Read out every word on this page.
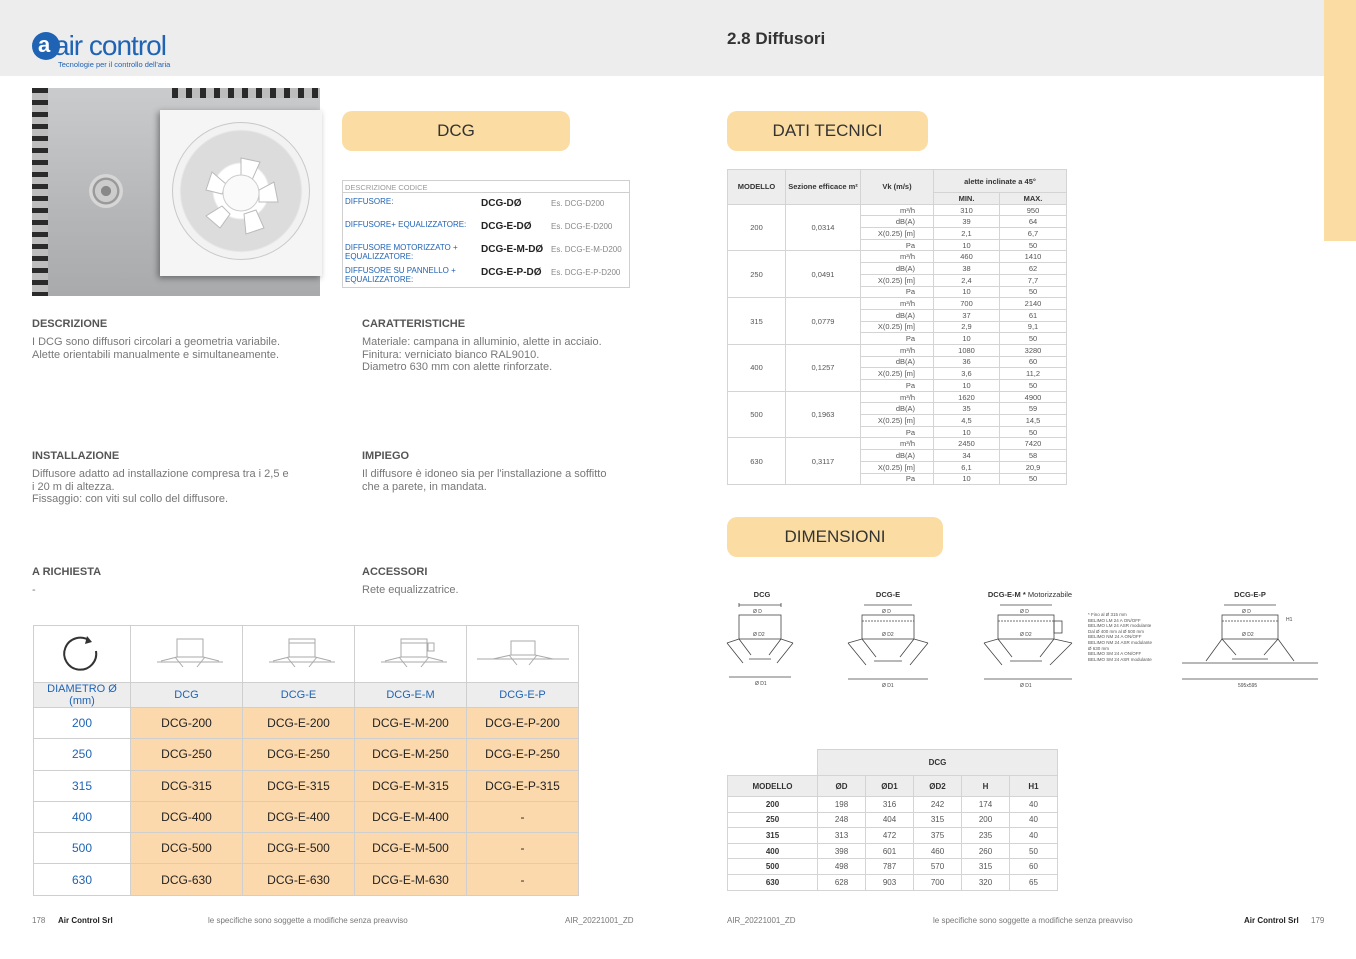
a air control
Tecnologie per il controllo dell'aria
2.8 Diffusori
DCG
DESCRIZIONE CODICE
DIFFUSORE:	DCG-DØ	Es. DCG-D200
DIFFUSORE+ EQUALIZZATORE:	DCG-E-DØ Es. DCG-E-D200
DIFFUSORE MOTORIZZATO + EQUALIZZATORE:
DCG-E-M-DØ Es. DCG-E-M-D200
DIFFUSORE SU PANNELLO + EQUALIZZATORE:
DCG-E-P-DØ Es. DCG-E-P-D200
DESCRIZIONE

I DCG sono diffusori circolari a geometria variabile.
Alette orientabili manualmente e simultaneamente.

CARATTERISTICHE

Materiale: campana in alluminio, alette in acciaio.
Finitura: verniciato bianco RAL9010.
Diametro 630 mm con alette rinforzate.

INSTALLAZIONE

Diffusore adatto ad installazione compresa tra i 2,5 e
i 20 m di altezza.
Fissaggio: con viti sul collo del diffusore.

IMPIEGO

Il diffusore è idoneo sia per l'installazione a soffitto
che a parete, in mandata.

A RICHIESTA

-

ACCESSORI

Rete equalizzatrice.

DIAMETRO Ø (mm)	DCG	DCG-E	DCG-E-M	DCG-E-P
200	DCG-200	DCG-E-200	DCG-E-M-200	DCG-E-P-200
250	DCG-250	DCG-E-250	DCG-E-M-250	DCG-E-P-250
315	DCG-315	DCG-E-315	DCG-E-M-315	DCG-E-P-315
400	DCG-400	DCG-E-400	DCG-E-M-400	-
500	DCG-500	DCG-E-500	DCG-E-M-500	-
630	DCG-630	DCG-E-630	DCG-E-M-630	-
DATI TECNICI
MODELLO	Sezione efficace m²	Vk (m/s)	alette inclinate a 45°	
			MIN.	MAX.
200	0,0314	m³/h	310	950
		dB(A)	39	64
		X(0.25) [m]	2,1	6,7
		Pa	10	50
250	0,0491	m³/h	460	1410
		dB(A)	38	62
		X(0.25) [m]	2,4	7,7
		Pa	10	50
315	0,0779	m³/h	700	2140
		dB(A)	37	61
		X(0.25) [m]	2,9	9,1
		Pa	10	50
400	0,1257	m³/h	1080	3280
		dB(A)	36	60
		X(0.25) [m]	3,6	11,2
		Pa	10	50
500	0,1963	m³/h	1620	4900
		dB(A)	35	59
		X(0.25) [m]	4,5	14,5
		Pa	10	50
630	0,3117	m³/h	2450	7420
		dB(A)	34	58
		X(0.25) [m]	6,1	20,9
		Pa	10	50
DIMENSIONI
DCG
Ø D
Ø D2
Ø D1
DCG-E
Ø D
Ø D2
Ø D1
DCG-E-M * Motorizzabile
Ø D
Ø D2
Ø D1
* Fino al Ø 315 mm
BELIMO LM 24 A ON/OFF
BELIMO LM 24 ASR modulante
Dal Ø 400 mm al Ø 500 mm
BELIMO NM 24 A ON/OFF
BELIMO NM 24 ASR modulante
Ø 630 mm
BELIMO SM 24 A ON/OFF
BELIMO SM 24 ASR modulante
DCG-E-P
Ø D
Ø D2
H1
595x595
	DCG				
MODELLO	ØD	ØD1	ØD2	H	H1
200	198	316	242	174	40
250	248	404	315	200	40
315	313	472	375	235	40
400	398	601	460	260	50
500	498	787	570	315	60
630	628	903	700	320	65
178 Air Control Srl	le specifiche sono soggette a modifiche senza preavviso	AIR_20221001_ZD	AIR_20221001_ZD	le specifiche sono soggette a modifiche senza preavviso	Air Control Srl 179
